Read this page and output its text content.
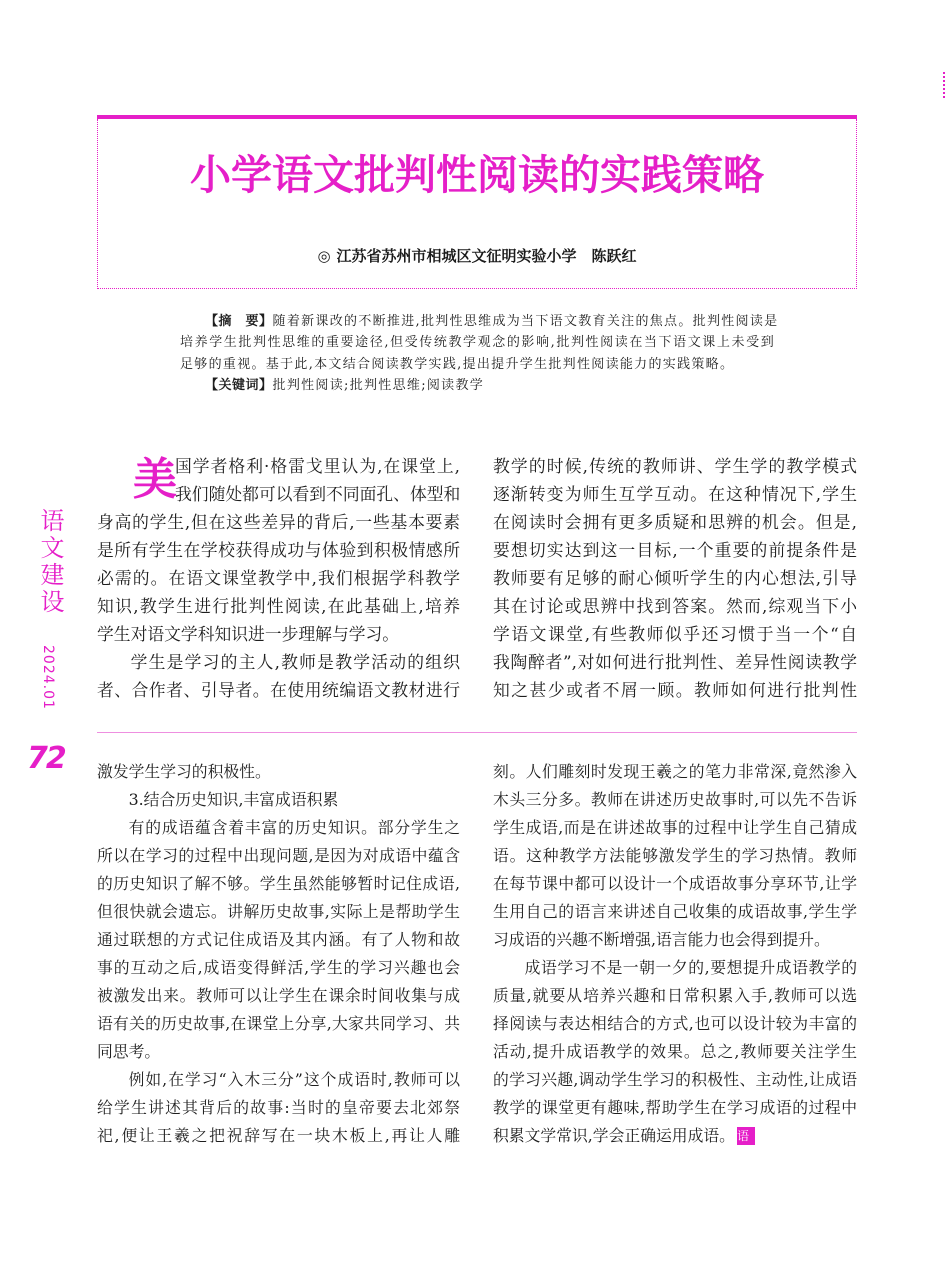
小学语文批判性阅读的实践策略
◎ 江苏省苏州市相城区文征明实验小学　陈跃红
【摘　要】随着新课改的不断推进,批判性思维成为当下语文教育关注的焦点。批判性阅读是
培养学生批判性思维的重要途径,但受传统教学观念的影响,批判性阅读在当下语文课上未受到
足够的重视。基于此,本文结合阅读教学实践,提出提升学生批判性阅读能力的实践策略。
【关键词】批判性阅读;批判性思维;阅读教学
语文建设
2024.01
72
美
国学者格利·格雷戈里认为,在课堂上,
我们随处都可以看到不同面孔、体型和
身高的学生,但在这些差异的背后,一些基本要素
是所有学生在学校获得成功与体验到积极情感所
必需的。在语文课堂教学中,我们根据学科教学
知识,教学生进行批判性阅读,在此基础上,培养
学生对语文学科知识进一步理解与学习。
学生是学习的主人,教师是教学活动的组织
者、合作者、引导者。在使用统编语文教材进行
教学的时候,传统的教师讲、学生学的教学模式
逐渐转变为师生互学互动。在这种情况下,学生
在阅读时会拥有更多质疑和思辨的机会。但是,
要想切实达到这一目标,一个重要的前提条件是
教师要有足够的耐心倾听学生的内心想法,引导
其在讨论或思辨中找到答案。然而,综观当下小
学语文课堂,有些教师似乎还习惯于当一个“自
我陶醉者”,对如何进行批判性、差异性阅读教学
知之甚少或者不屑一顾。教师如何进行批判性
激发学生学习的积极性。
3.结合历史知识,丰富成语积累
有的成语蕴含着丰富的历史知识。部分学生之
所以在学习的过程中出现问题,是因为对成语中蕴含
的历史知识了解不够。学生虽然能够暂时记住成语,
但很快就会遗忘。讲解历史故事,实际上是帮助学生
通过联想的方式记住成语及其内涵。有了人物和故
事的互动之后,成语变得鲜活,学生的学习兴趣也会
被激发出来。教师可以让学生在课余时间收集与成
语有关的历史故事,在课堂上分享,大家共同学习、共
同思考。
例如,在学习“入木三分”这个成语时,教师可以
给学生讲述其背后的故事:当时的皇帝要去北郊祭
祀,便让王羲之把祝辞写在一块木板上,再让人雕
刻。人们雕刻时发现王羲之的笔力非常深,竟然渗入
木头三分多。教师在讲述历史故事时,可以先不告诉
学生成语,而是在讲述故事的过程中让学生自己猜成
语。这种教学方法能够激发学生的学习热情。教师
在每节课中都可以设计一个成语故事分享环节,让学
生用自己的语言来讲述自己收集的成语故事,学生学
习成语的兴趣不断增强,语言能力也会得到提升。
成语学习不是一朝一夕的,要想提升成语教学的
质量,就要从培养兴趣和日常积累入手,教师可以选
择阅读与表达相结合的方式,也可以设计较为丰富的
活动,提升成语教学的效果。总之,教师要关注学生
的学习兴趣,调动学生学习的积极性、主动性,让成语
教学的课堂更有趣味,帮助学生在学习成语的过程中
积累文学常识,学会正确运用成语。 语
